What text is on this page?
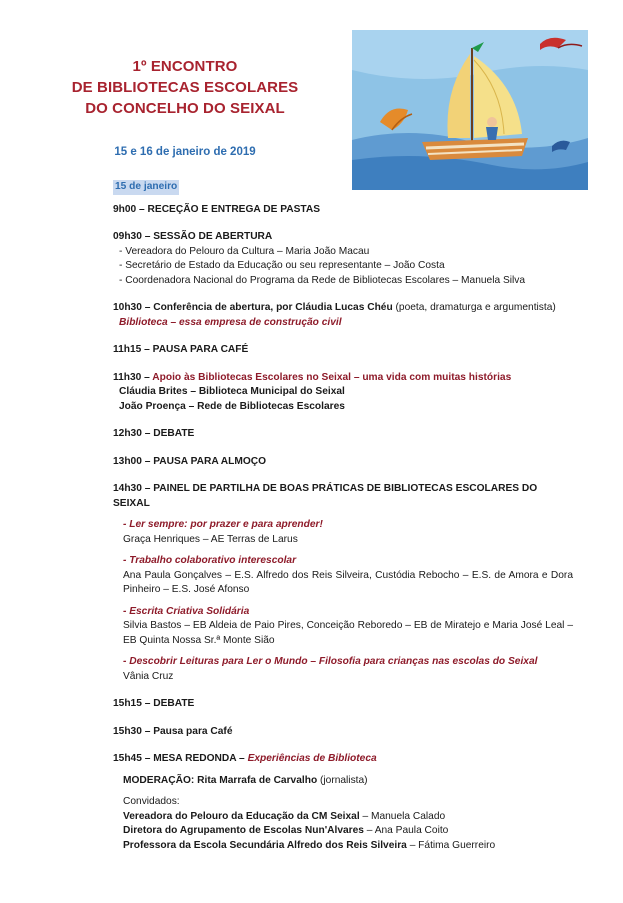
1º ENCONTRO
DE BIBLIOTECAS ESCOLARES
DO CONCELHO DO SEIXAL
15 e 16 de janeiro de 2019
15 de janeiro
9h00 – RECEÇÃO E ENTREGA DE PASTAS
09h30 – SESSÃO DE ABERTURA
- Vereadora do Pelouro da Cultura – Maria João Macau
- Secretário de Estado da Educação ou seu representante – João Costa
- Coordenadora Nacional do Programa da Rede de Bibliotecas Escolares – Manuela Silva
10h30 – Conferência de abertura, por Cláudia Lucas Chéu (poeta, dramaturga e argumentista)
Biblioteca – essa empresa de construção civil
11h15 – PAUSA PARA CAFÉ
11h30 – Apoio às Bibliotecas Escolares no Seixal – uma vida com muitas histórias
Cláudia Brites – Biblioteca Municipal do Seixal
João Proença – Rede de Bibliotecas Escolares
12h30 – DEBATE
13h00 – PAUSA PARA ALMOÇO
14h30 – PAINEL DE PARTILHA DE BOAS PRÁTICAS DE BIBLIOTECAS ESCOLARES DO SEIXAL
- Ler sempre: por prazer e para aprender!
Graça Henriques – AE Terras de Larus
- Trabalho colaborativo interescolar
Ana Paula Gonçalves – E.S. Alfredo dos Reis Silveira, Custódia Rebocho – E.S. de Amora e Dora Pinheiro – E.S. José Afonso
- Escrita Criativa Solidária
Silvia Bastos – EB Aldeia de Paio Pires, Conceição Reboredo – EB de Miratejo e Maria José Leal – EB Quinta Nossa Sr.ª Monte Sião
- Descobrir Leituras para Ler o Mundo – Filosofia para crianças nas escolas do Seixal
Vânia Cruz
15h15 – DEBATE
15h30 – Pausa para Café
15h45 – MESA REDONDA – Experiências de Biblioteca
MODERAÇÃO: Rita Marrafa de Carvalho (jornalista)
Convidados:
Vereadora do Pelouro da Educação da CM Seixal – Manuela Calado
Diretora do Agrupamento de Escolas Nun'Alvares – Ana Paula Coito
Professora da Escola Secundária Alfredo dos Reis Silveira – Fátima Guerreiro
